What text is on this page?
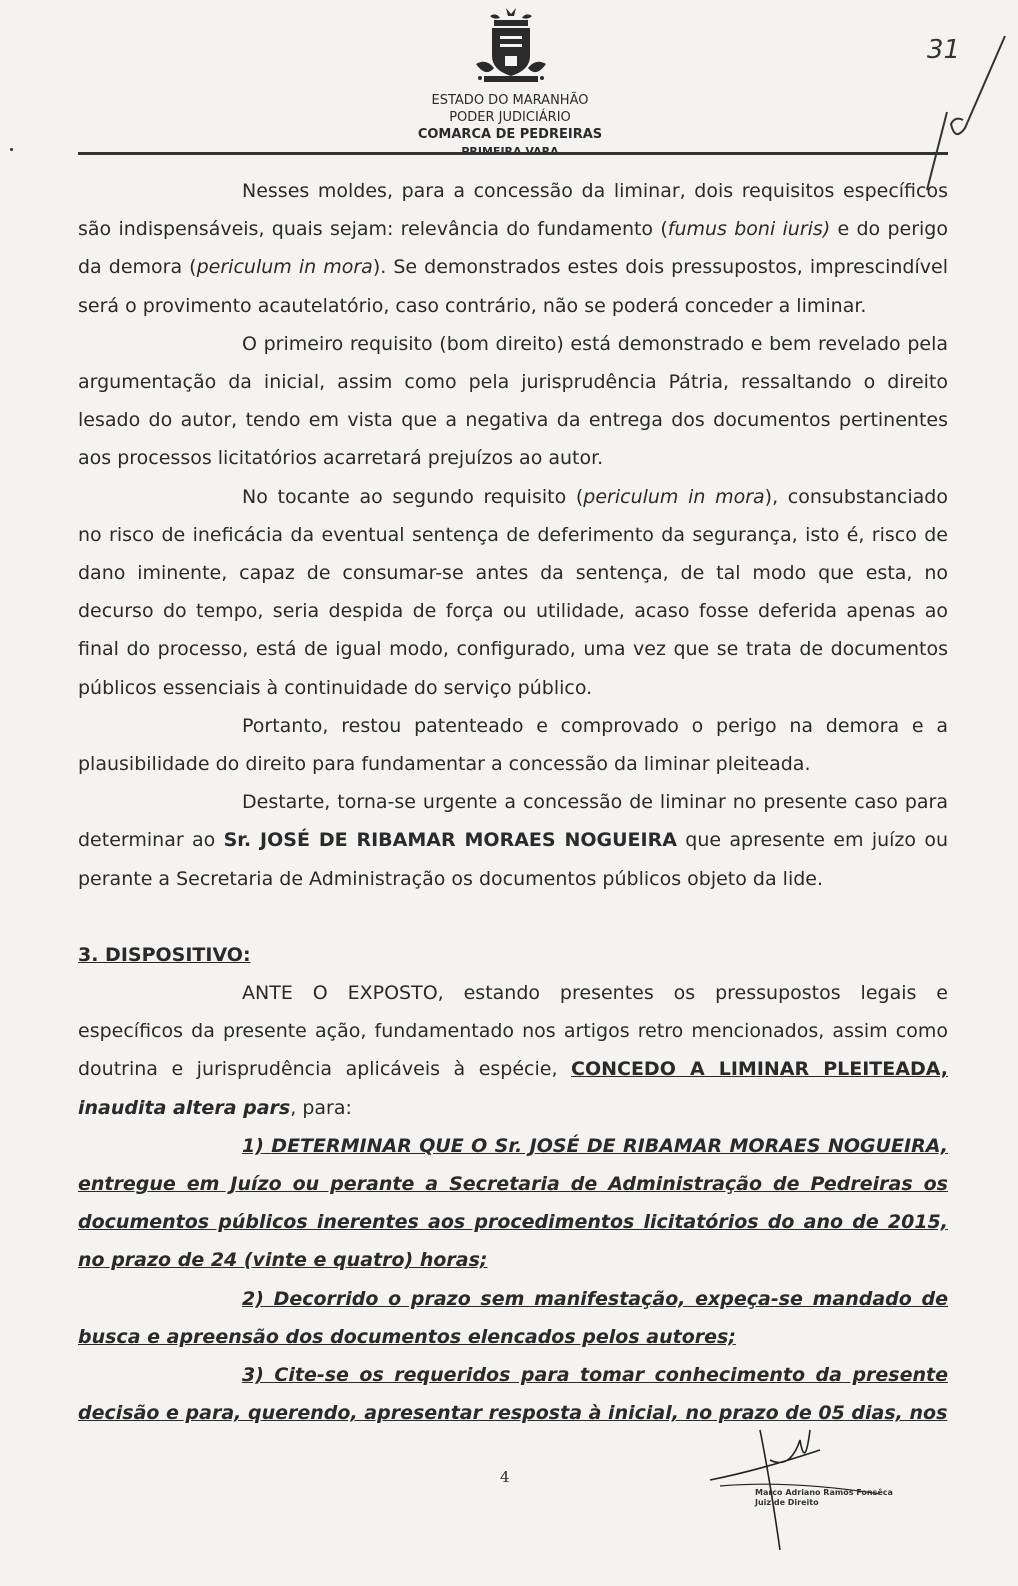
ESTADO DO MARANHÃO
PODER JUDICIÁRIO
COMARCA DE PEDREIRAS
31

Nesses moldes, para a concessão da liminar, dois requisitos específicos são indispensáveis, quais sejam: relevância do fundamento (fumus boni iuris) e do perigo da demora (periculum in mora). Se demonstrados estes dois pressupostos, imprescindível será o provimento acautelatório, caso contrário, não se poderá conceder a liminar.

O primeiro requisito (bom direito) está demonstrado e bem revelado pela argumentação da inicial, assim como pela jurisprudência Pátria, ressaltando o direito lesado do autor, tendo em vista que a negativa da entrega dos documentos pertinentes aos processos licitatórios acarretará prejuízos ao autor.

No tocante ao segundo requisito (periculum in mora), consubstanciado no risco de ineficácia da eventual sentença de deferimento da segurança, isto é, risco de dano iminente, capaz de consumar-se antes da sentença, de tal modo que esta, no decurso do tempo, seria despida de força ou utilidade, acaso fosse deferida apenas ao final do processo, está de igual modo, configurado, uma vez que se trata de documentos públicos essenciais à continuidade do serviço público.

Portanto, restou patenteado e comprovado o perigo na demora e a plausibilidade do direito para fundamentar a concessão da liminar pleiteada.

Destarte, torna-se urgente a concessão de liminar no presente caso para determinar ao Sr. JOSÉ DE RIBAMAR MORAES NOGUEIRA que apresente em juízo ou perante a Secretaria de Administração os documentos públicos objeto da lide.

3. DISPOSITIVO:

ANTE O EXPOSTO, estando presentes os pressupostos legais e específicos da presente ação, fundamentado nos artigos retro mencionados, assim como doutrina e jurisprudência aplicáveis à espécie, CONCEDO A LIMINAR PLEITEADA, inaudita altera pars, para:

1) DETERMINAR QUE O Sr. JOSÉ DE RIBAMAR MORAES NOGUEIRA, entregue em Juízo ou perante a Secretaria de Administração de Pedreiras os documentos públicos inerentes aos procedimentos licitatórios do ano de 2015, no prazo de 24 (vinte e quatro) horas;

2) Decorrido o prazo sem manifestação, expeça-se mandado de busca e apreensão dos documentos elencados pelos autores;

3) Cite-se os requeridos para tomar conhecimento da presente decisão e para, querendo, apresentar resposta à inicial, no prazo de 05 dias, nos

4
Marco Adriano Ramos Fonsêca
Juiz de Direito
